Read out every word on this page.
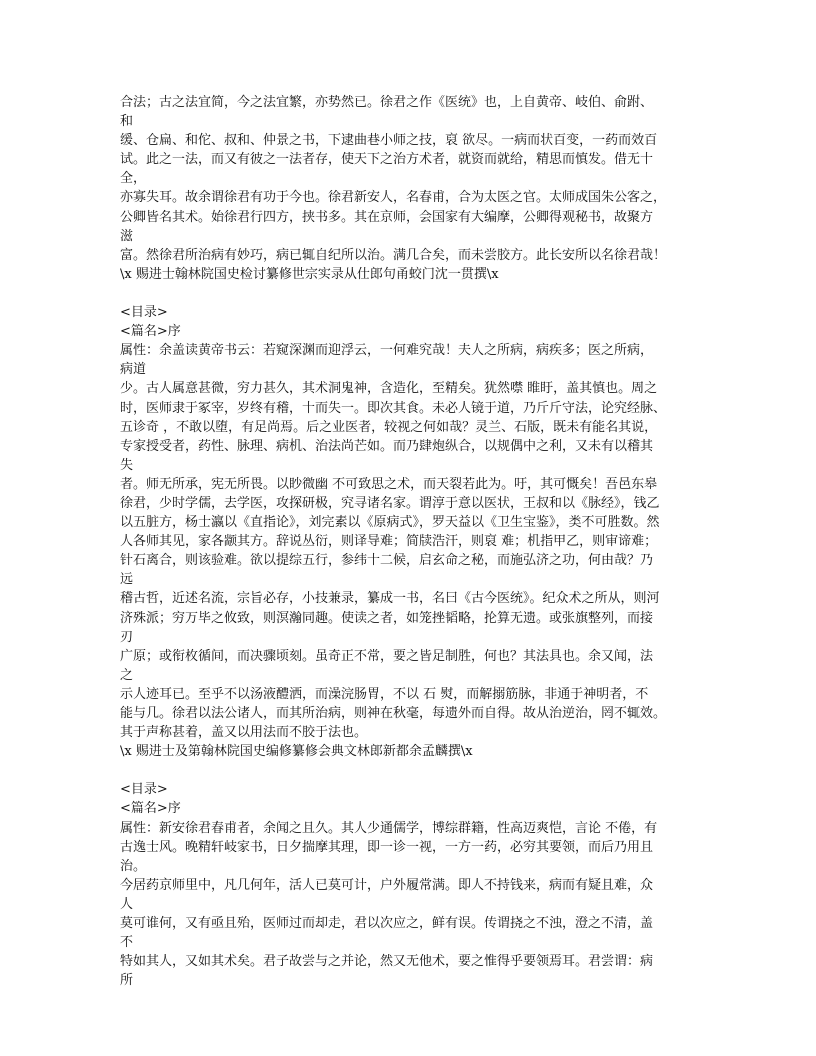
合法；古之法宜简，今之法宜繁，亦势然已。徐君之作《医统》也，上自黄帝、岐伯、俞跗、
和
缓、仓扁、和佗、叔和、仲景之书，下逮曲巷小师之技，裒 欲尽。一病而状百变，一药而效百
试。此之一法，而又有彼之一法者存，使天下之治方术者，就资而就给，精思而慎发。借无十
全，
亦寡失耳。故余谓徐君有功于今也。徐君新安人，名春甫，合为太医之官。太师成国朱公客之，
公卿皆名其术。始徐君行四方，挟书多。其在京师，会国家有大编摩，公卿得观秘书，故聚方
滋
富。然徐君所治病有妙巧，病已辄自纪所以治。满几合矣，而未尝胶方。此长安所以名徐君哉！
\x 赐进士翰林院国史检讨纂修世宗实录从仕郎句甬蛟门沈一贯撰\x
<目录>
<篇名>序
属性：余盖读黄帝书云：若窥深渊而迎浮云，一何难究哉！夫人之所病，病疾多；医之所病，
病道
少。古人属意甚微，穷力甚久，其术洞鬼神，含造化，至精矣。犹然噤 睢盱，盖其慎也。周之
时，医师隶于冢宰，岁终有稽，十而失一。即次其食。未必人镜于道，乃斤斤守法，论究经脉、
五诊奇 ，不敢以堕，有足尚焉。后之业医者，较视之何如哉？灵兰、石版，既未有能名其说，
专家授受者，药性、脉理、病机、治法尚芒如。而乃肆炮纵合，以规偶中之利，又未有以稽其
失
者。师无所承，宪无所畏。以眇微幽 不可致思之术，而天裂若此为。吁，其可慨矣！吾邑东皋
徐君，少时学儒，去学医，攻探研极，究寻诸名家。谓淳于意以医状，王叔和以《脉经》，钱乙
以五脏方，杨士瀛以《直指论》，刘完素以《原病式》，罗天益以《卫生宝鉴》，类不可胜数。然
人各师其见，家各颛其方。辞说丛衍，则译导难；简牍浩汗，则裒 难；机指甲乙，则审谛难；
针石离合，则该验难。欲以提综五行，参纬十二候，启玄命之秘，而施弘济之功，何由哉？乃
远
稽古哲，近述名流，宗旨必存，小技兼录，纂成一书，名曰《古今医统》。纪众术之所从，则河
济殊派；穷万毕之攸致，则溟瀚同趣。使读之者，如笼挫韬略，抡算无遗。或张旗整列，而接
刃
广原；或衔枚循间，而决骤顷刻。虽奇正不常，要之皆足制胜，何也？其法具也。余又闻，法
之
示人迹耳已。至乎不以汤液醴洒，而澡浣肠胃，不以 石 熨，而解搦筋脉，非通于神明者，不
能与几。徐君以法公诸人，而其所治病，则神在秋毫，每遗外而自得。故从治逆治，罔不辄效。
其于声称甚着，盖又以用法而不胶于法也。
\x 赐进士及第翰林院国史编修纂修会典文林郎新都余孟麟撰\x
<目录>
<篇名>序
属性：新安徐君春甫者，余闻之且久。其人少通儒学，博综群籍，性高迈爽恺，言论 不倦，有
古逸士风。晚精轩岐家书，日夕揣摩其理，即一诊一视，一方一药，必穷其要领，而后乃用且
治。
今居药京师里中，凡几何年，活人已莫可计，户外履常满。即人不持钱来，病而有疑且难，众
人
莫可谁何，又有亟且殆，医师过而却走，君以次应之，鲜有误。传谓挠之不浊，澄之不清，盖
不
特如其人，又如其术矣。君子故尝与之并论，然又无他术，要之惟得乎要领焉耳。君尝谓：病
所
